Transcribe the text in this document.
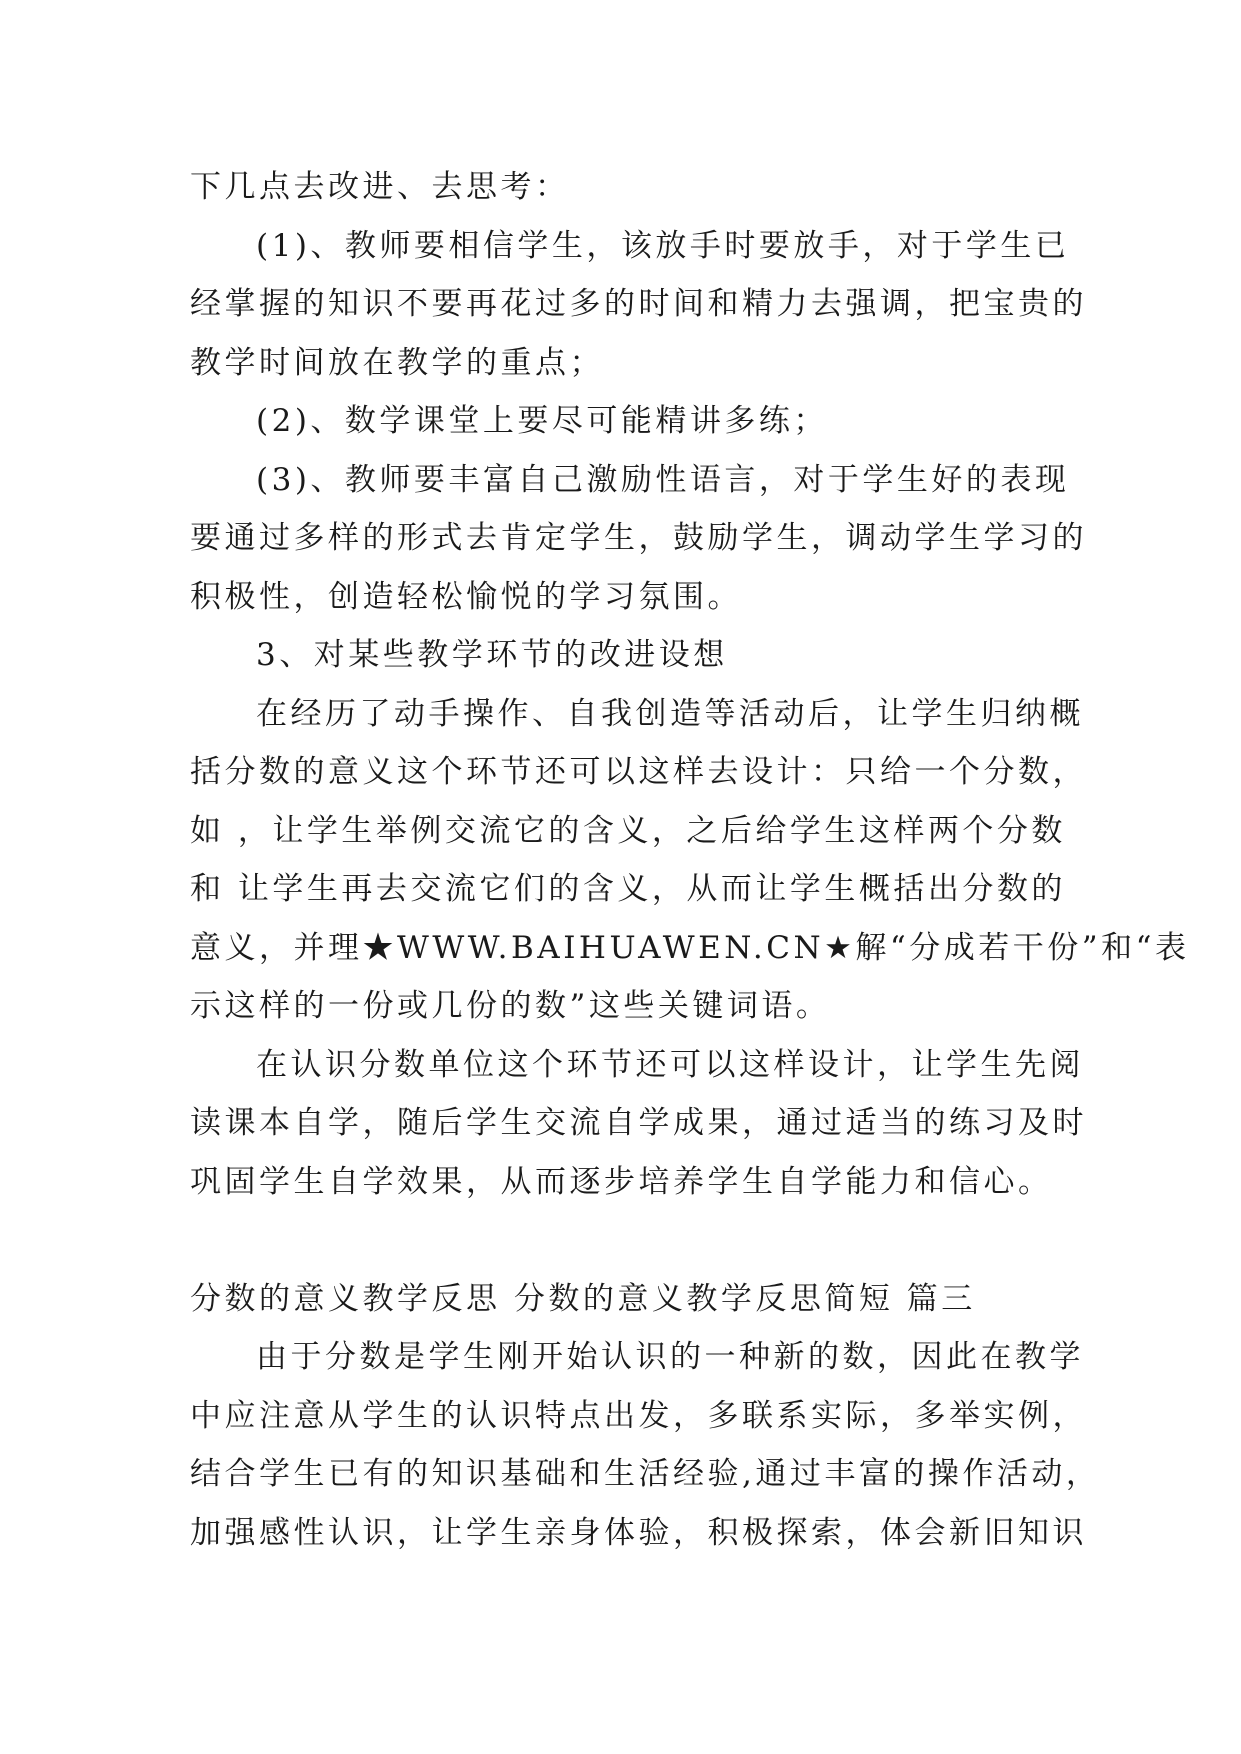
下几点去改进、去思考：
(1)、教师要相信学生，该放手时要放手，对于学生已
经掌握的知识不要再花过多的时间和精力去强调，把宝贵的
教学时间放在教学的重点；
(2)、数学课堂上要尽可能精讲多练；
(3)、教师要丰富自己激励性语言，对于学生好的表现
要通过多样的形式去肯定学生，鼓励学生，调动学生学习的
积极性，创造轻松愉悦的学习氛围。
3、对某些教学环节的改进设想
在经历了动手操作、自我创造等活动后，让学生归纳概
括分数的意义这个环节还可以这样去设计：只给一个分数，
如 ，让学生举例交流它的含义，之后给学生这样两个分数
和 让学生再去交流它们的含义，从而让学生概括出分数的
意义，并理★WWW.BAIHUAWEN.CN★解“分成若干份”和“表
示这样的一份或几份的数”这些关键词语。
在认识分数单位这个环节还可以这样设计，让学生先阅
读课本自学，随后学生交流自学成果，通过适当的练习及时
巩固学生自学效果，从而逐步培养学生自学能力和信心。
分数的意义教学反思 分数的意义教学反思简短 篇三
由于分数是学生刚开始认识的一种新的数，因此在教学
中应注意从学生的认识特点出发，多联系实际，多举实例，
结合学生已有的知识基础和生活经验,通过丰富的操作活动，
加强感性认识，让学生亲身体验，积极探索，体会新旧知识
